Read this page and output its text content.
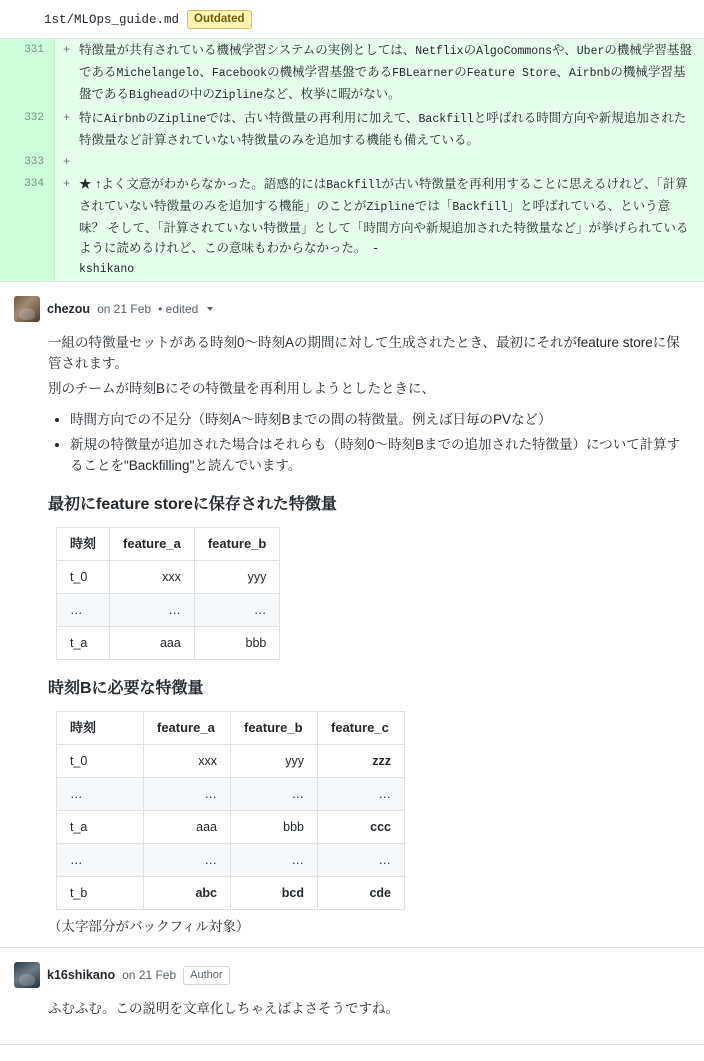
1st/MLOps_guide.md	Outdated
331	+	特徴量が共有されている機械学習システムの実例としては、NetflixのAlgoCommonsや、Uberの機械学習基盤であるMichelangelo、Facebookの機械学習基盤であるFBLearnerのFeature Store、Airbnbの機械学習基盤であるBigheadの中のZiplineなど、枚挙に暇がない。
332	+	特にAirbnbのZiplineでは、古い特徴量の再利用に加えて、Backfillと呼ばれる時間方向や新規追加された特徴量など計算されていない特徴量のみを追加する機能も備えている。
333	+	
334	+	★ ↑よく文意がわからなかった。語感的にはBackfillが古い特徴量を再利用することに思えるけれど、「計算されていない特徴量のみを追加する機能」のことがZiplineでは「Backfill」と呼ばれている、という意味？ そして、「計算されていない特徴量」として「時間方向や新規追加された特徴量など」が挙げられているように読めるけれど、この意味もわからなかった。  -
kshikano
chezou on 21 Feb • edited

一組の特徴量セットがある時刻0〜時刻Aの期間に対して生成されたとき、最初にそれがfeature storeに保管されます。

別のチームが時刻Bにその特徴量を再利用しようとしたときに、

• 時間方向での不足分（時刻A〜時刻Bまでの間の特徴量。例えば日毎のPVなど）
• 新規の特徴量が追加された場合はそれらも（時刻0〜時刻Bまでの追加された特徴量）について計算することを"Backfilling"と読んでいます。
最初にfeature storeに保存された特徴量
時刻	feature_a	feature_b
t_0	xxx	yyy
…	…	…
t_a	aaa	bbb
時刻Bに必要な特徴量
時刻	feature_a	feature_b	feature_c
t_0	xxx	yyy	zzz
…	…	…	…
t_a	aaa	bbb	ccc
…	…	…	…
t_b	abc	bcd	cde

（太字部分がバックフィル対象）

k16shikano on 21 Feb	Author

ふむふむ。この説明を文章化しちゃえばよさそうですね。
